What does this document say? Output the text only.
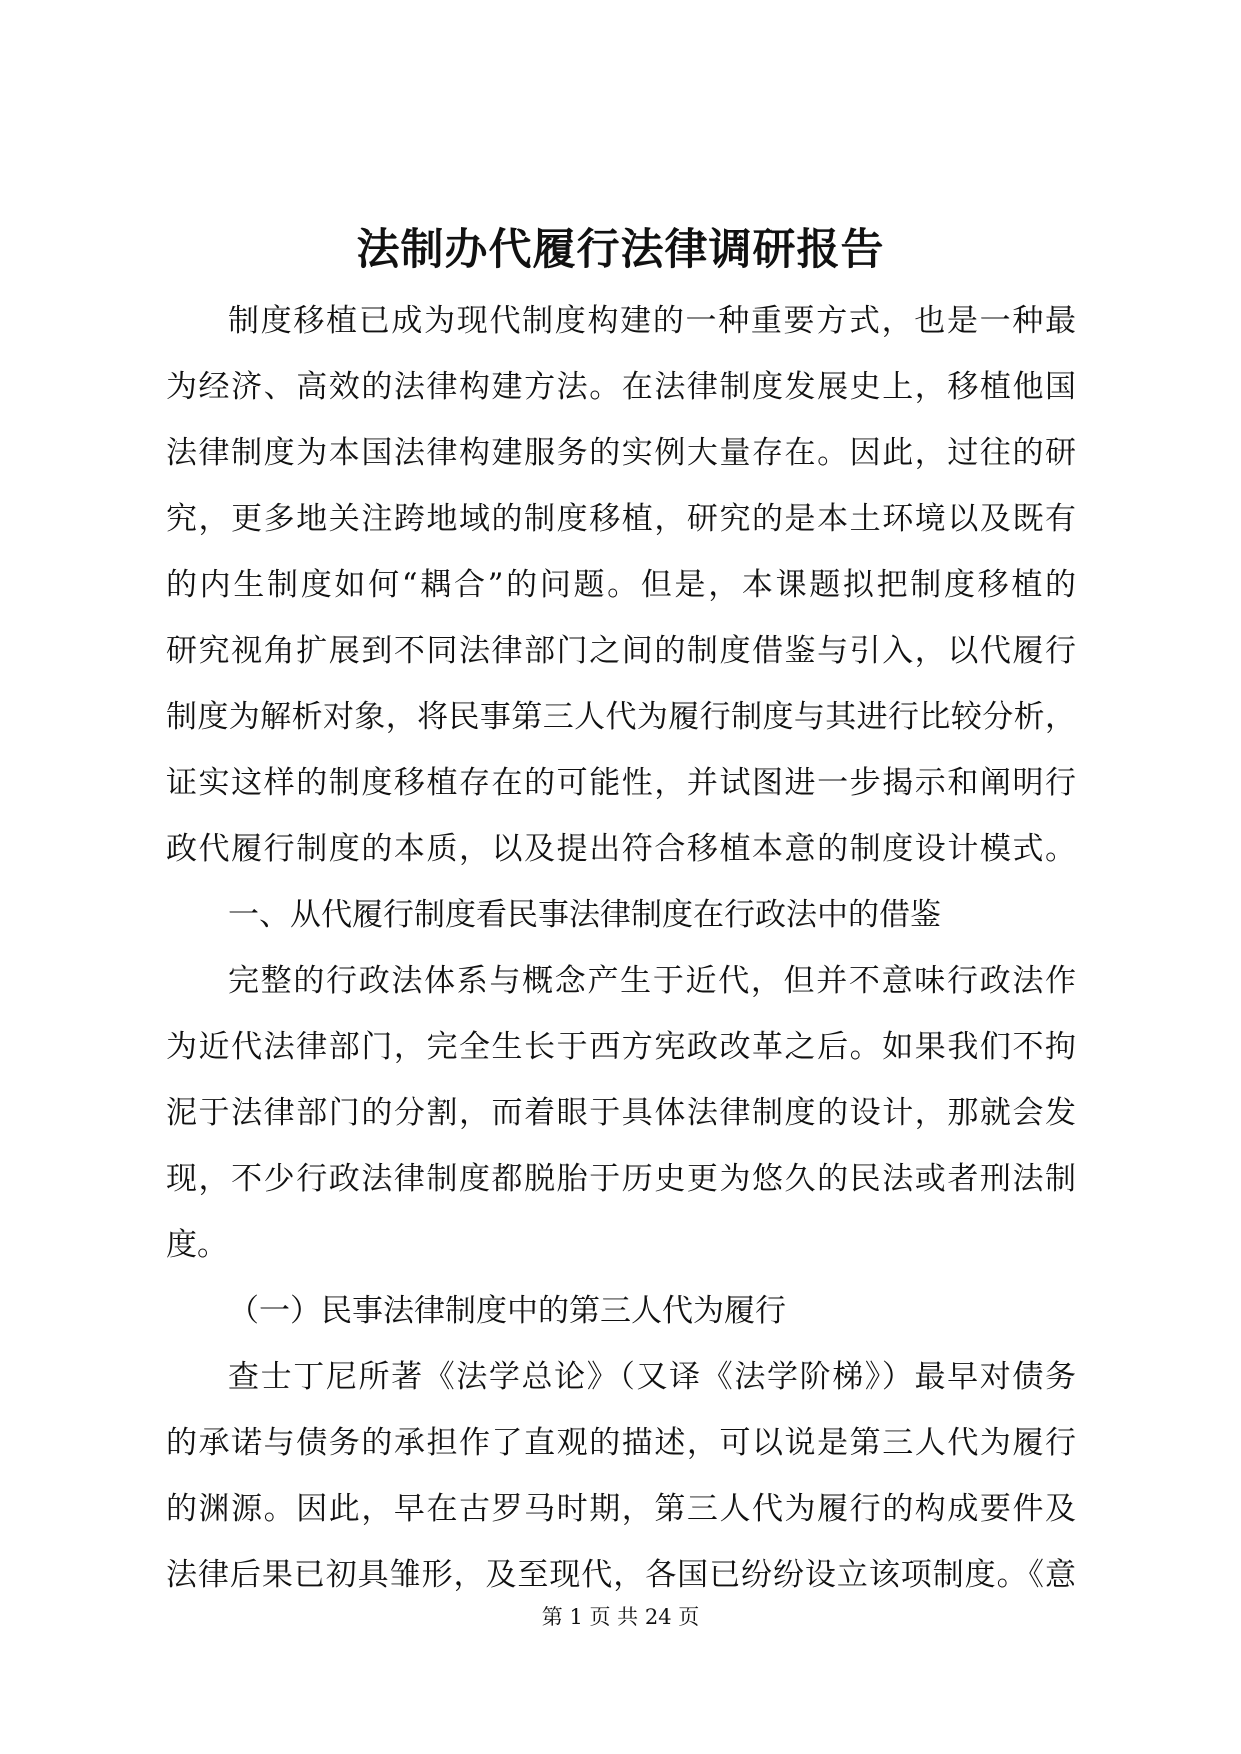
法制办代履行法律调研报告
制度移植已成为现代制度构建的一种重要方式，也是一种最
为经济、高效的法律构建方法。在法律制度发展史上，移植他国
法律制度为本国法律构建服务的实例大量存在。因此，过往的研
究，更多地关注跨地域的制度移植，研究的是本土环境以及既有
的内生制度如何“耦合”的问题。但是，本课题拟把制度移植的
研究视角扩展到不同法律部门之间的制度借鉴与引入，以代履行
制度为解析对象，将民事第三人代为履行制度与其进行比较分析，
证实这样的制度移植存在的可能性，并试图进一步揭示和阐明行
政代履行制度的本质，以及提出符合移植本意的制度设计模式。
一、从代履行制度看民事法律制度在行政法中的借鉴
完整的行政法体系与概念产生于近代，但并不意味行政法作
为近代法律部门，完全生长于西方宪政改革之后。如果我们不拘
泥于法律部门的分割，而着眼于具体法律制度的设计，那就会发
现，不少行政法律制度都脱胎于历史更为悠久的民法或者刑法制
度。
（一）民事法律制度中的第三人代为履行
查士丁尼所著《法学总论》（又译《法学阶梯》）最早对债务
的承诺与债务的承担作了直观的描述，可以说是第三人代为履行
的渊源。因此，早在古罗马时期，第三人代为履行的构成要件及
法律后果已初具雏形，及至现代，各国已纷纷设立该项制度。《意
第 1 页 共 24 页
